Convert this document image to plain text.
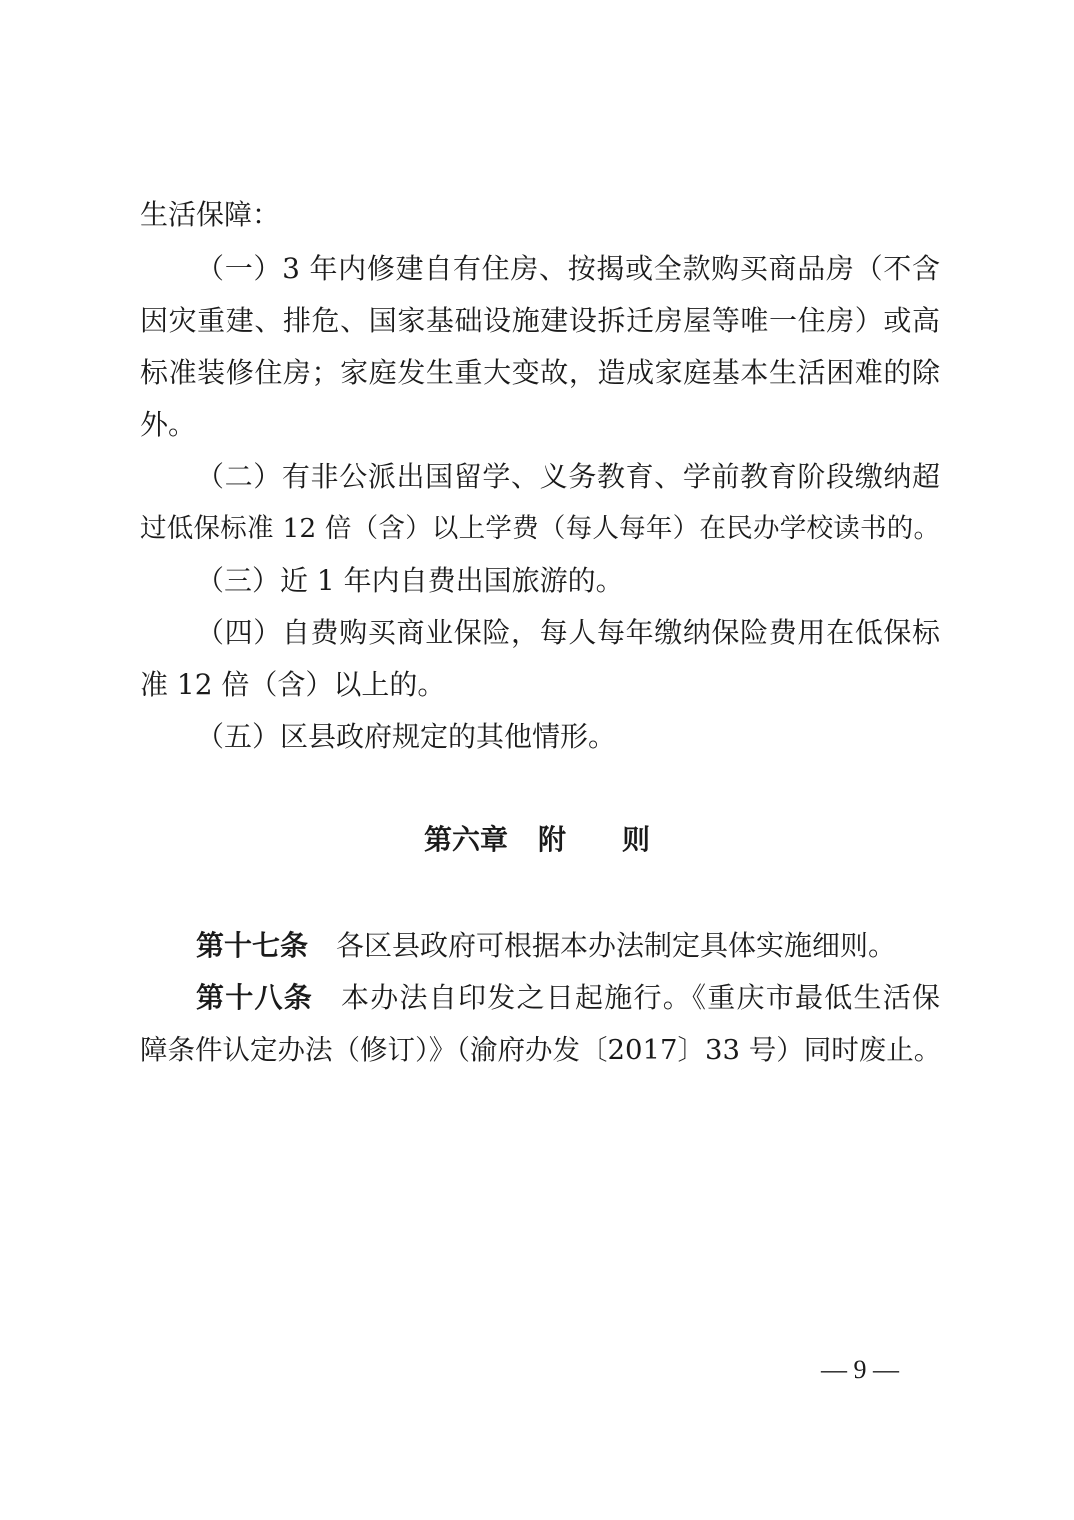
生活保障：

（一）3 年内修建自有住房、按揭或全款购买商品房（不含

因灾重建、排危、国家基础设施建设拆迁房屋等唯一住房）或高

标准装修住房；家庭发生重大变故，造成家庭基本生活困难的除

外。

（二）有非公派出国留学、义务教育、学前教育阶段缴纳超

过低保标准 12 倍（含）以上学费（每人每年）在民办学校读书的。

（三）近 1 年内自费出国旅游的。

（四）自费购买商业保险，每人每年缴纳保险费用在低保标

准 12 倍（含）以上的。

（五）区县政府规定的其他情形。

第六章 附 则

第十七条 各区县政府可根据本办法制定具体实施细则。

第十八条 本办法自印发之日起施行。《重庆市最低生活保

障条件认定办法（修订）》（渝府办发〔2017〕33 号）同时废止。

— 9 —
